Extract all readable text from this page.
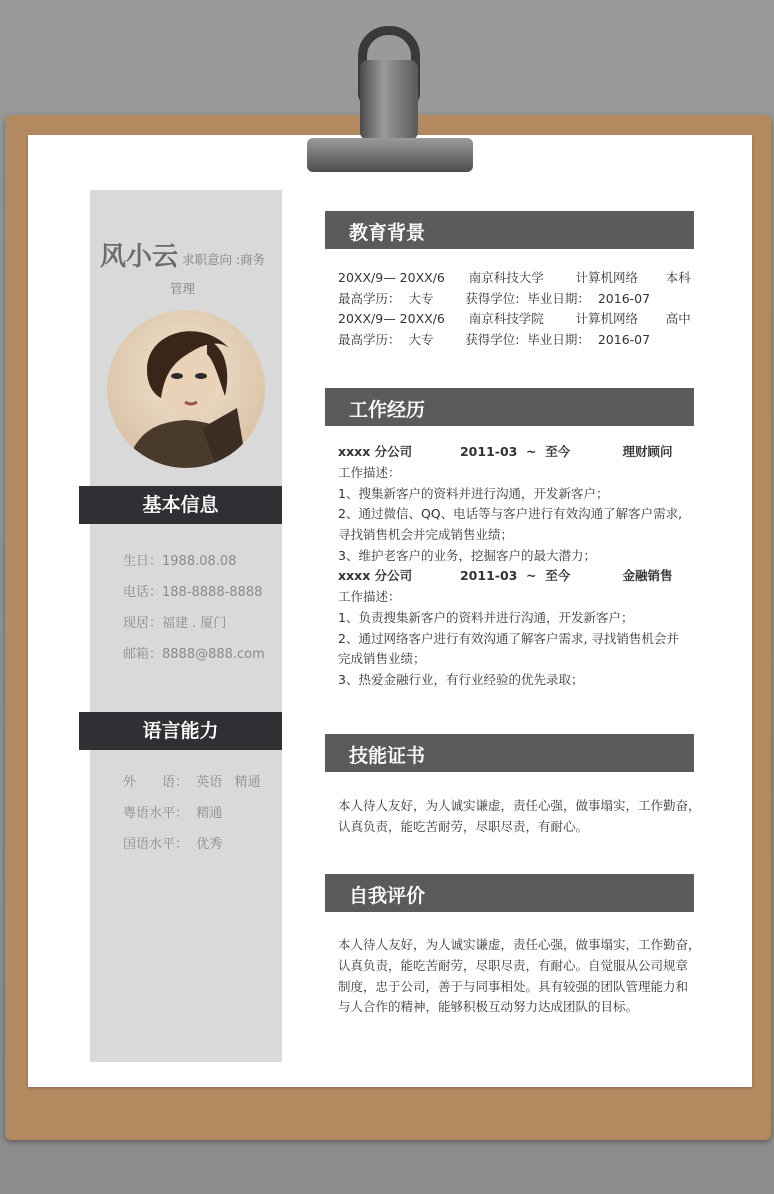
风小云 求职意向 :商务
管理
基本信息
生日：1988.08.08
电话：188-8888-8888
现居：福建 . 厦门
邮箱：8888@888.com
语言能力
外　　语：  英语   精通
粤语水平：  精通
国语水平：  优秀
教育背景
20XX/9— 20XX/6      南京科技大学        计算机网络       本科
最高学历：  大专        获得学位:  毕业日期：  2016-07
20XX/9— 20XX/6      南京科技学院        计算机网络       高中
最高学历：  大专        获得学位:  毕业日期：  2016-07
工作经历
xxxx 分公司           2011-03  ~  至今            理财顾问
工作描述：
1、搜集新客户的资料并进行沟通，开发新客户；
2、通过微信、QQ、电话等与客户进行有效沟通了解客户需求,
寻找销售机会并完成销售业绩；
3、维护老客户的业务，挖掘客户的最大潜力；
xxxx 分公司           2011-03  ~  至今            金融销售
工作描述：
1、负责搜集新客户的资料并进行沟通，开发新客户；
2、通过网络客户进行有效沟通了解客户需求, 寻找销售机会并
完成销售业绩；
3、热爱金融行业，有行业经验的优先录取；
技能证书
本人待人友好，为人诚实谦虚，责任心强，做事塌实，工作勤奋，
认真负责，能吃苦耐劳，尽职尽责，有耐心。
自我评价
本人待人友好，为人诚实谦虚，责任心强，做事塌实，工作勤奋，
认真负责，能吃苦耐劳，尽职尽责，有耐心。自觉服从公司规章
制度，忠于公司，善于与同事相处。具有较强的团队管理能力和
与人合作的精神，能够积极互动努力达成团队的目标。
